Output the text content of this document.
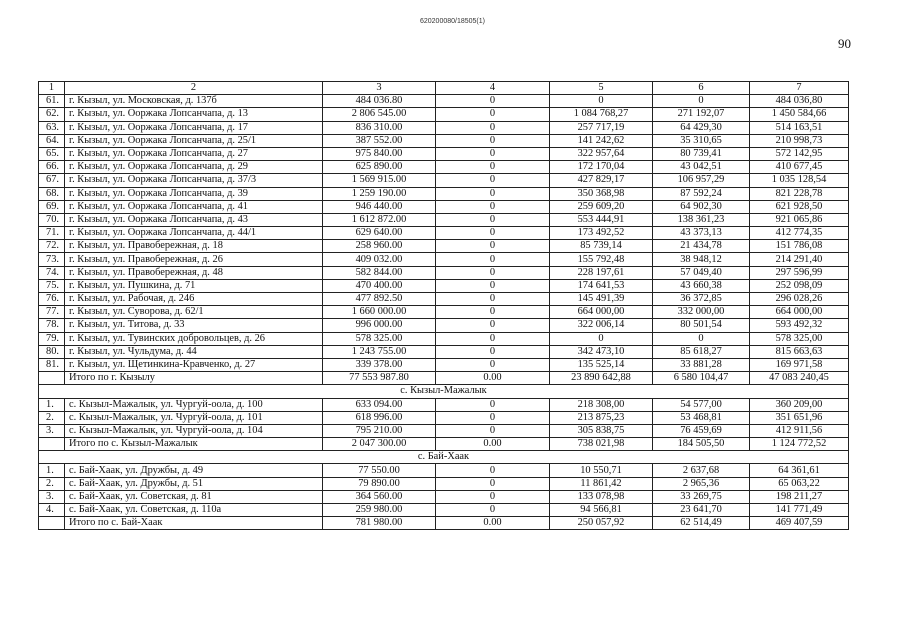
620200080/18505(1)
90
1	2	3	4	5	6	7
61.	г. Кызыл, ул. Московская, д. 137б	484 036.80	0	0	0	484 036,80
62.	г. Кызыл, ул. Ооржака Лопсанчапа, д. 13	2 806 545.00	0	1 084 768,27	271 192,07	1 450 584,66
63.	г. Кызыл, ул. Ооржака Лопсанчапа, д. 17	836 310.00	0	257 717,19	64 429,30	514 163,51
64.	г. Кызыл, ул. Ооржака Лопсанчапа, д. 25/1	387 552.00	0	141 242,62	35 310,65	210 998,73
65.	г. Кызыл, ул. Ооржака Лопсанчапа, д. 27	975 840.00	0	322 957,64	80 739,41	572 142,95
66.	г. Кызыл, ул. Ооржака Лопсанчапа, д. 29	625 890.00	0	172 170,04	43 042,51	410 677,45
67.	г. Кызыл, ул. Ооржака Лопсанчапа, д. 37/3	1 569 915.00	0	427 829,17	106 957,29	1 035 128,54
68.	г. Кызыл, ул. Ооржака Лопсанчапа, д. 39	1 259 190.00	0	350 368,98	87 592,24	821 228,78
69.	г. Кызыл, ул. Ооржака Лопсанчапа, д. 41	946 440.00	0	259 609,20	64 902,30	621 928,50
70.	г. Кызыл, ул. Ооржака Лопсанчапа, д. 43	1 612 872.00	0	553 444,91	138 361,23	921 065,86
71.	г. Кызыл, ул. Ооржака Лопсанчапа, д. 44/1	629 640.00	0	173 492,52	43 373,13	412 774,35
72.	г. Кызыл, ул. Правобережная, д. 18	258 960.00	0	85 739,14	21 434,78	151 786,08
73.	г. Кызыл, ул. Правобережная, д. 26	409 032.00	0	155 792,48	38 948,12	214 291,40
74.	г. Кызыл, ул. Правобережная, д. 48	582 844.00	0	228 197,61	57 049,40	297 596,99
75.	г. Кызыл, ул. Пушкина, д. 71	470 400.00	0	174 641,53	43 660,38	252 098,09
76.	г. Кызыл, ул. Рабочая, д. 246	477 892.50	0	145 491,39	36 372,85	296 028,26
77.	г. Кызыл, ул. Суворова, д. 62/1	1 660 000.00	0	664 000,00	332 000,00	664 000,00
78.	г. Кызыл, ул. Титова, д. 33	996 000.00	0	322 006,14	80 501,54	593 492,32
79.	г. Кызыл, ул. Тувинских добровольцев, д. 26	578 325.00	0	0	0	578 325,00
80.	г. Кызыл, ул. Чульдума, д. 44	1 243 755.00	0	342 473,10	85 618,27	815 663,63
81.	г. Кызыл, ул. Щетинкина-Кравченко, д. 27	339 378.00	0	135 525,14	33 881,28	169 971,58
	Итого по г. Кызылу	77 553 987.80	0.00	23 890 642,88	6 580 104,47	47 083 240,45
с. Кызыл-Мажалык						
1.	с. Кызыл-Мажалык, ул. Чургуй-оола, д. 100	633 094.00	0	218 308,00	54 577,00	360 209,00
2.	с. Кызыл-Мажалык, ул. Чургуй-оола, д. 101	618 996.00	0	213 875,23	53 468,81	351 651,96
3.	с. Кызыл-Мажалык, ул. Чургуй-оола, д. 104	795 210.00	0	305 838,75	76 459,69	412 911,56
	Итого по с. Кызыл-Мажалык	2 047 300.00	0.00	738 021,98	184 505,50	1 124 772,52
с. Бай-Хаак						
1.	с. Бай-Хаак, ул. Дружбы, д. 49	77 550.00	0	10 550,71	2 637,68	64 361,61
2.	с. Бай-Хаак, ул. Дружбы, д. 51	79 890.00	0	11 861,42	2 965,36	65 063,22
3.	с. Бай-Хаак, ул. Советская, д. 81	364 560.00	0	133 078,98	33 269,75	198 211,27
4.	с. Бай-Хаак, ул. Советская, д. 110а	259 980.00	0	94 566,81	23 641,70	141 771,49
	Итого по с. Бай-Хаак	781 980.00	0.00	250 057,92	62 514,49	469 407,59
